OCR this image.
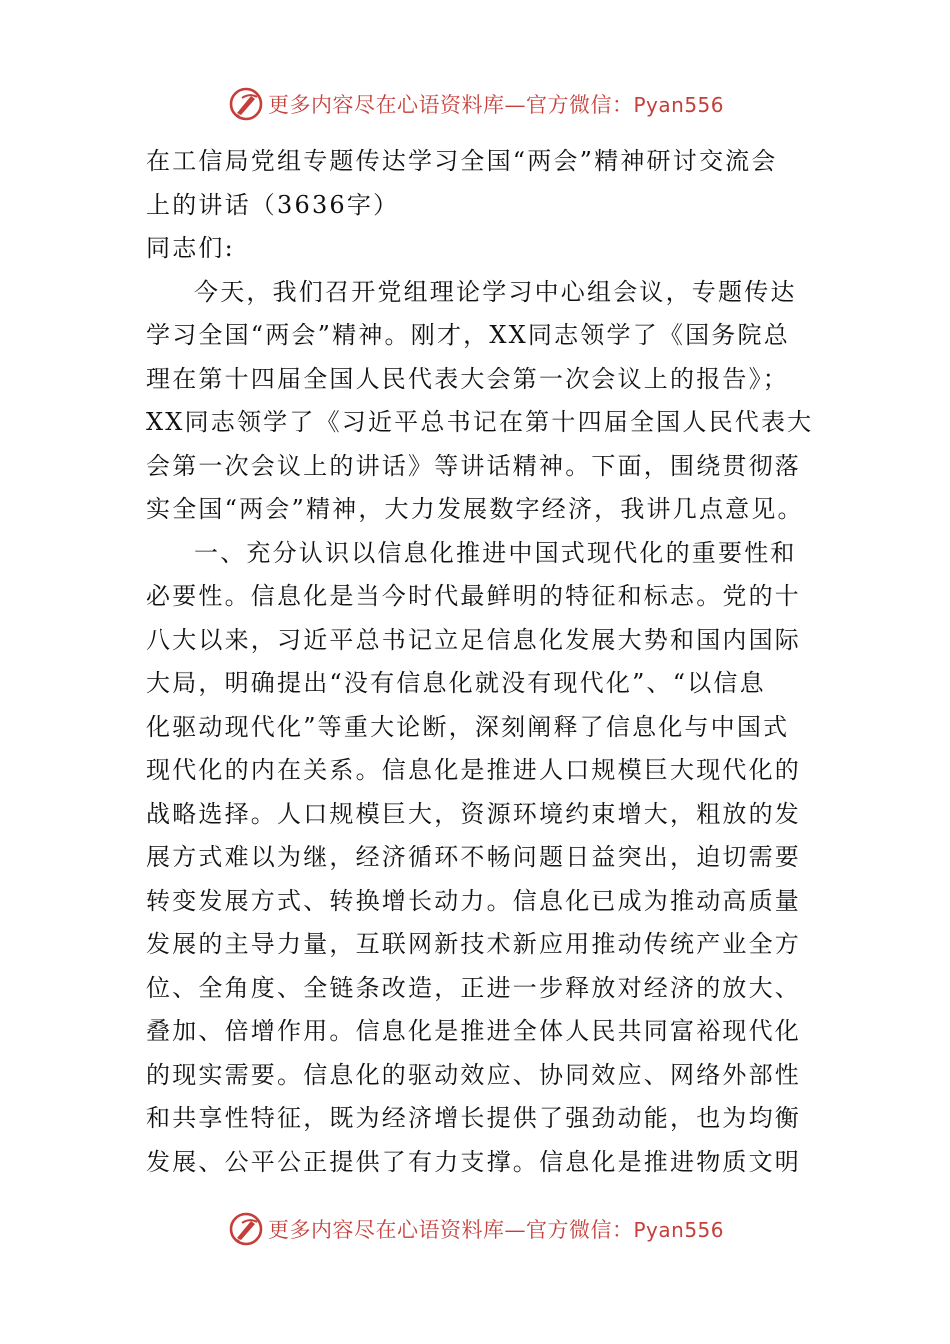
更多内容尽在心语资料库—官方微信：Pyan556
在工信局党组专题传达学习全国“两会”精神研讨交流会
上的讲话（3636字）
同志们:
今天，我们召开党组理论学习中心组会议，专题传达
学习全国“两会”精神。刚才，XX同志领学了《国务院总
理在第十四届全国人民代表大会第一次会议上的报告》；
XX同志领学了《习近平总书记在第十四届全国人民代表大
会第一次会议上的讲话》等讲话精神。下面，围绕贯彻落
实全国“两会”精神，大力发展数字经济，我讲几点意见。
一、充分认识以信息化推进中国式现代化的重要性和
必要性。信息化是当今时代最鲜明的特征和标志。党的十
八大以来，习近平总书记立足信息化发展大势和国内国际
大局，明确提出“没有信息化就没有现代化”、“以信息
化驱动现代化”等重大论断，深刻阐释了信息化与中国式
现代化的内在关系。信息化是推进人口规模巨大现代化的
战略选择。人口规模巨大，资源环境约束增大，粗放的发
展方式难以为继，经济循环不畅问题日益突出，迫切需要
转变发展方式、转换增长动力。信息化已成为推动高质量
发展的主导力量，互联网新技术新应用推动传统产业全方
位、全角度、全链条改造，正进一步释放对经济的放大、
叠加、倍增作用。信息化是推进全体人民共同富裕现代化
的现实需要。信息化的驱动效应、协同效应、网络外部性
和共享性特征，既为经济增长提供了强劲动能，也为均衡
发展、公平公正提供了有力支撑。信息化是推进物质文明
更多内容尽在心语资料库—官方微信：Pyan556
